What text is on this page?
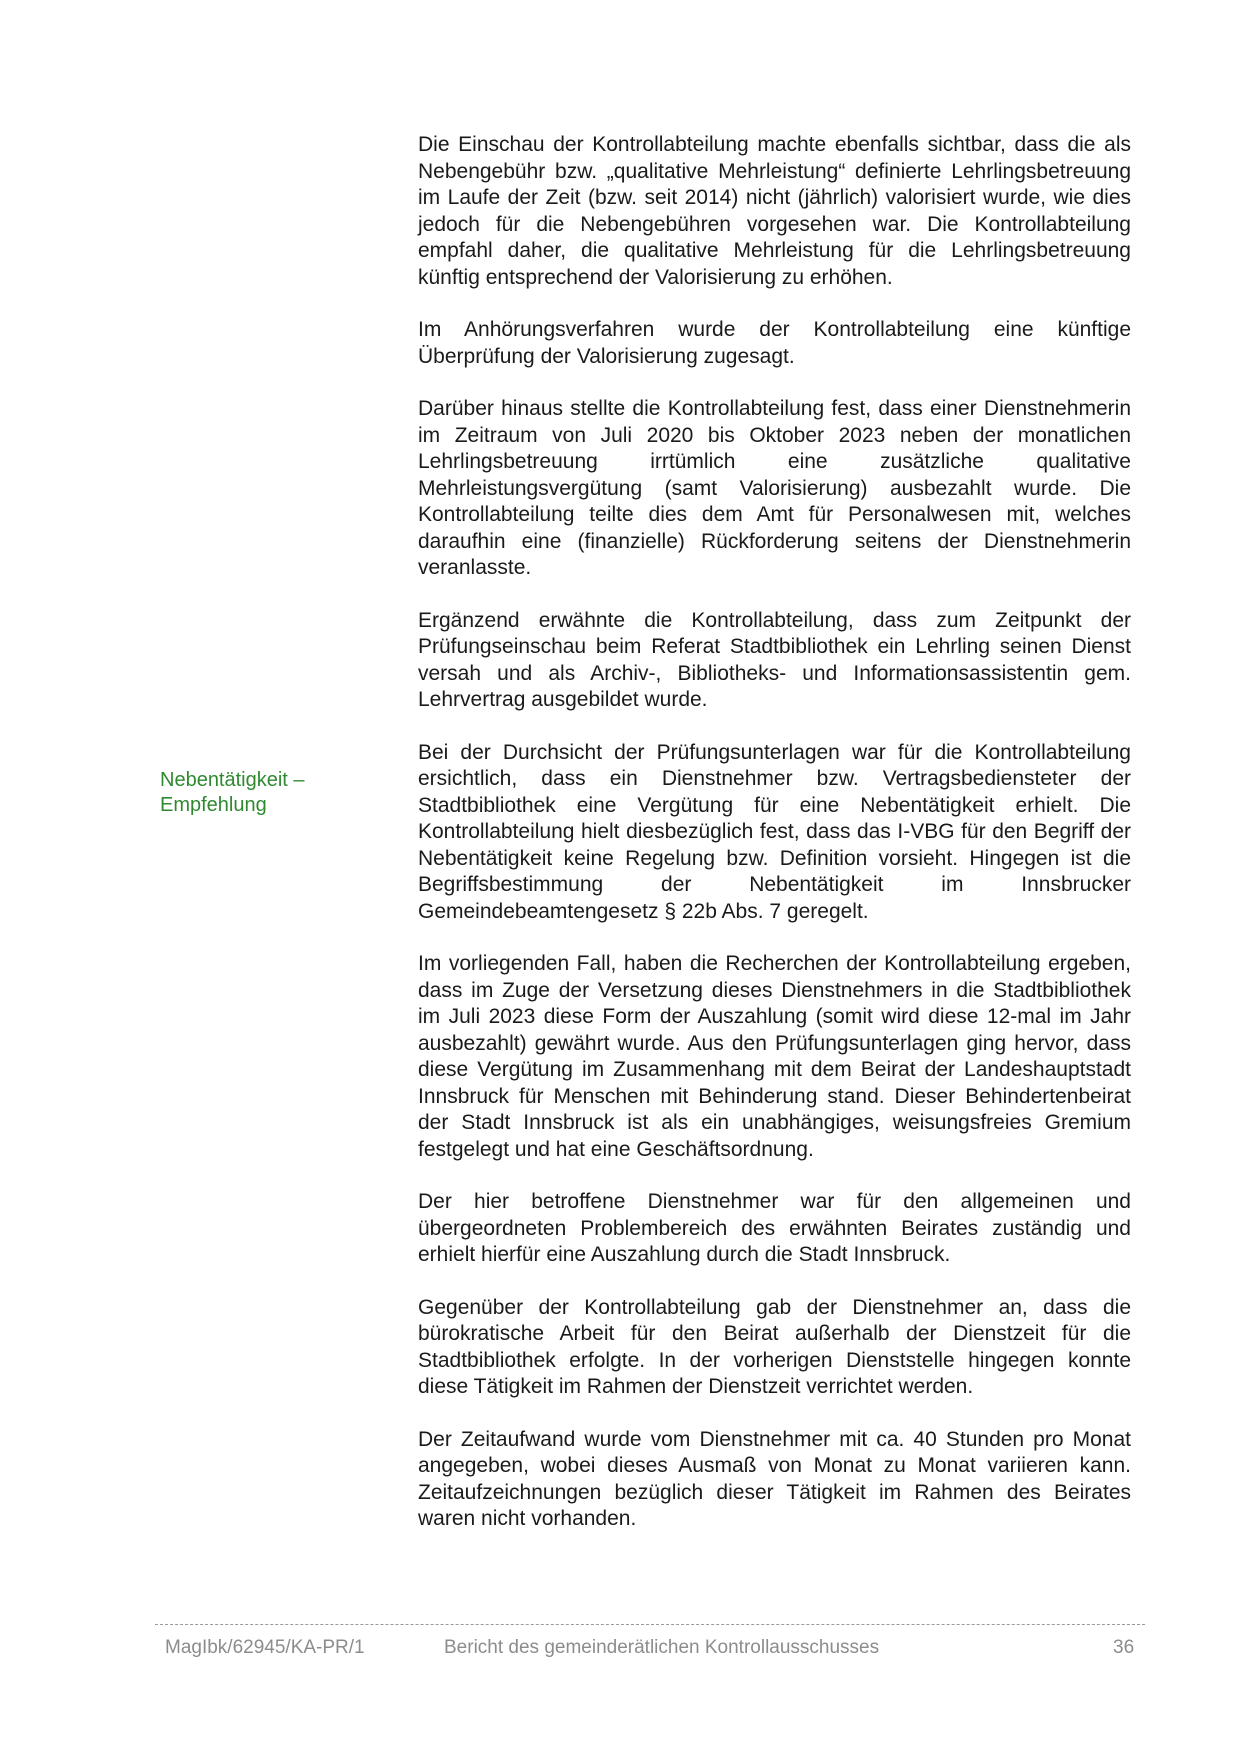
Die Einschau der Kontrollabteilung machte ebenfalls sichtbar, dass die als Nebengebühr bzw. „qualitative Mehrleistung“ definierte Lehrlingsbetreuung im Laufe der Zeit (bzw. seit 2014) nicht (jährlich) valorisiert wurde, wie dies jedoch für die Nebengebühren vorgesehen war. Die Kontrollabteilung empfahl daher, die qualitative Mehrleistung für die Lehrlingsbetreuung künftig entsprechend der Valorisierung zu erhöhen.

Im Anhörungsverfahren wurde der Kontrollabteilung eine künftige Überprüfung der Valorisierung zugesagt.

Darüber hinaus stellte die Kontrollabteilung fest, dass einer Dienstnehmerin im Zeitraum von Juli 2020 bis Oktober 2023 neben der monatlichen Lehrlingsbetreuung irrtümlich eine zusätzliche qualitative Mehrleistungsvergütung (samt Valorisierung) ausbezahlt wurde. Die Kontrollabteilung teilte dies dem Amt für Personalwesen mit, welches daraufhin eine (finanzielle) Rückforderung seitens der Dienstnehmerin veranlasste.

Ergänzend erwähnte die Kontrollabteilung, dass zum Zeitpunkt der Prüfungseinschau beim Referat Stadtbibliothek ein Lehrling seinen Dienst versah und als Archiv-, Bibliotheks- und Informationsassistentin gem. Lehrvertrag ausgebildet wurde.

Bei der Durchsicht der Prüfungsunterlagen war für die Kontrollabteilung ersichtlich, dass ein Dienstnehmer bzw. Vertragsbediensteter der Stadtbibliothek eine Vergütung für eine Nebentätigkeit erhielt. Die Kontrollabteilung hielt diesbezüglich fest, dass das I-VBG für den Begriff der Nebentätigkeit keine Regelung bzw. Definition vorsieht. Hingegen ist die Begriffsbestimmung der Nebentätigkeit im Innsbrucker Gemeindebeamtengesetz § 22b Abs. 7 geregelt.

Im vorliegenden Fall, haben die Recherchen der Kontrollabteilung ergeben, dass im Zuge der Versetzung dieses Dienstnehmers in die Stadtbibliothek im Juli 2023 diese Form der Auszahlung (somit wird diese 12-mal im Jahr ausbezahlt) gewährt wurde. Aus den Prüfungsunterlagen ging hervor, dass diese Vergütung im Zusammenhang mit dem Beirat der Landeshauptstadt Innsbruck für Menschen mit Behinderung stand. Dieser Behindertenbeirat der Stadt Innsbruck ist als ein unabhängiges, weisungsfreies Gremium festgelegt und hat eine Geschäftsordnung.

Der hier betroffene Dienstnehmer war für den allgemeinen und übergeordneten Problembereich des erwähnten Beirates zuständig und erhielt hierfür eine Auszahlung durch die Stadt Innsbruck.

Gegenüber der Kontrollabteilung gab der Dienstnehmer an, dass die bürokratische Arbeit für den Beirat außerhalb der Dienstzeit für die Stadtbibliothek erfolgte. In der vorherigen Dienststelle hingegen konnte diese Tätigkeit im Rahmen der Dienstzeit verrichtet werden.

Der Zeitaufwand wurde vom Dienstnehmer mit ca. 40 Stunden pro Monat angegeben, wobei dieses Ausmaß von Monat zu Monat variieren kann. Zeitaufzeichnungen bezüglich dieser Tätigkeit im Rahmen des Beirates waren nicht vorhanden.

Nebentätigkeit –
Empfehlung
MagIbk/62945/KA-PR/1	Bericht des gemeinderätlichen Kontrollausschusses	36
